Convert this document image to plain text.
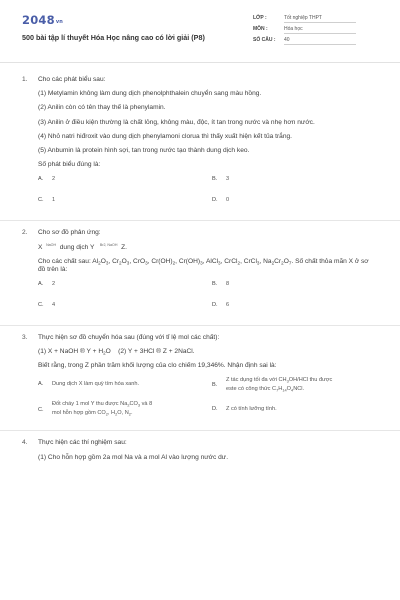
$2048^{vn}$
500 bài tập lí thuyết Hóa Học nâng cao có lời giải (P8)
LỚP :	Tốt nghiệp THPT
MÔN :	Hóa học
SỐ CÂU :	40
1. Cho các phát biểu sau:
(1) Metylamin không làm dung dịch phenolphthalein chuyển sang màu hồng.
(2) Anilin còn có tên thay thế là phenylamin.
(3) Anilin ở điều kiện thường là chất lỏng, không màu, độc, ít tan trong nước và nhẹ hơn nước.
(4) Nhỏ natri hiđroxit vào dung dịch phenylamoni clorua thì thấy xuất hiện kết tủa trắng.
(5) Anbumin là protein hình sợi, tan trong nước tạo thành dung dịch keo.
Số phát biểu đúng là:
A. 2	B. 3
C. 1	D. 0
2. Cho sơ đồ phản ứng:
X $^{NaOH}$ dung dịch Y $^{Br2, NaOH}$ Z.
Cho các chất sau: $Al_2O_3$, $Cr_2O_3$, CrO$_3$, $Cr(OH)_2$, $Cr(OH)_3$, AlCl$_3$, CrCl$_2$, CrCl$_3$, $Na_2Cr_2O_7$. Số chất thỏa mãn X ở sơ đồ trên là:
A. 2	B. 8
C. 4	D. 6
3. Thực hiện sơ đồ chuyển hóa sau (đúng với tỉ lệ mol các chất):
(1) X + NaOH ® $Y + H_2O$    (2) Y + 3HCl ® Z + 2NaCl.
Biết rằng, trong Z phần trăm khối lượng của clo chiếm 19,346%. Nhận định sai là:
A. Dung dịch X làm quỳ tím hóa xanh.	B.Z tác dụng tối đa với $CH_3OH$/HCl thu được
este có công thức $C_7H_{14}O_4NCl$.
C.Đốt cháy 1 mol Y thu được $Na_2CO_3$ và 8
mol hỗn hợp gồm $CO_2$, $H_2O$, $N_2$.
D. Z có tính lưỡng tính.
4. Thực hiện các thí nghiệm sau:
(1) Cho hỗn hợp gồm 2a mol Na và a mol Al vào lượng nước dư.
